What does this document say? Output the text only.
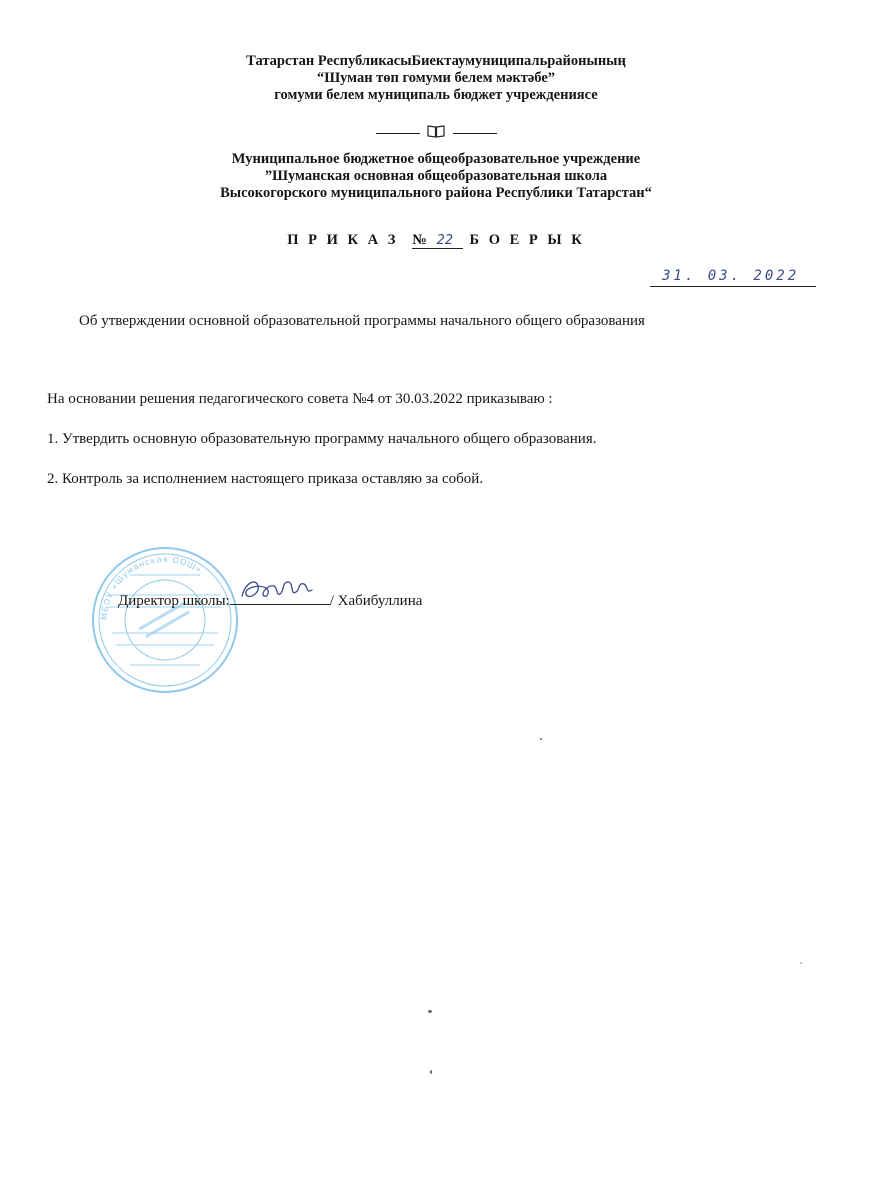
Татарстан РеспубликасыБиектаумуниципальрайонының
“Шуман төп гомуми белем мәктәбе”
гомуми белем муниципаль бюджет учреждениясе

Муниципальное бюджетное общеобразовательное учреждение
”Шуманская основная общеобразовательная школа
Высокогорского муниципального района Республики Татарстан“
П Р И К А З № 22 Б О Е Р Ы К
31. 03. 2022
Об утверждении основной образовательной программы начального общего образования
На основании решения педагогического совета №4 от 30.03.2022 приказываю :
1. Утвердить основную образовательную программу начального общего образования.
2. Контроль за исполнением настоящего приказа оставляю за собой.
МБОУ «Шуманская ООШ»
Директор школы:	/ Хабибуллина
